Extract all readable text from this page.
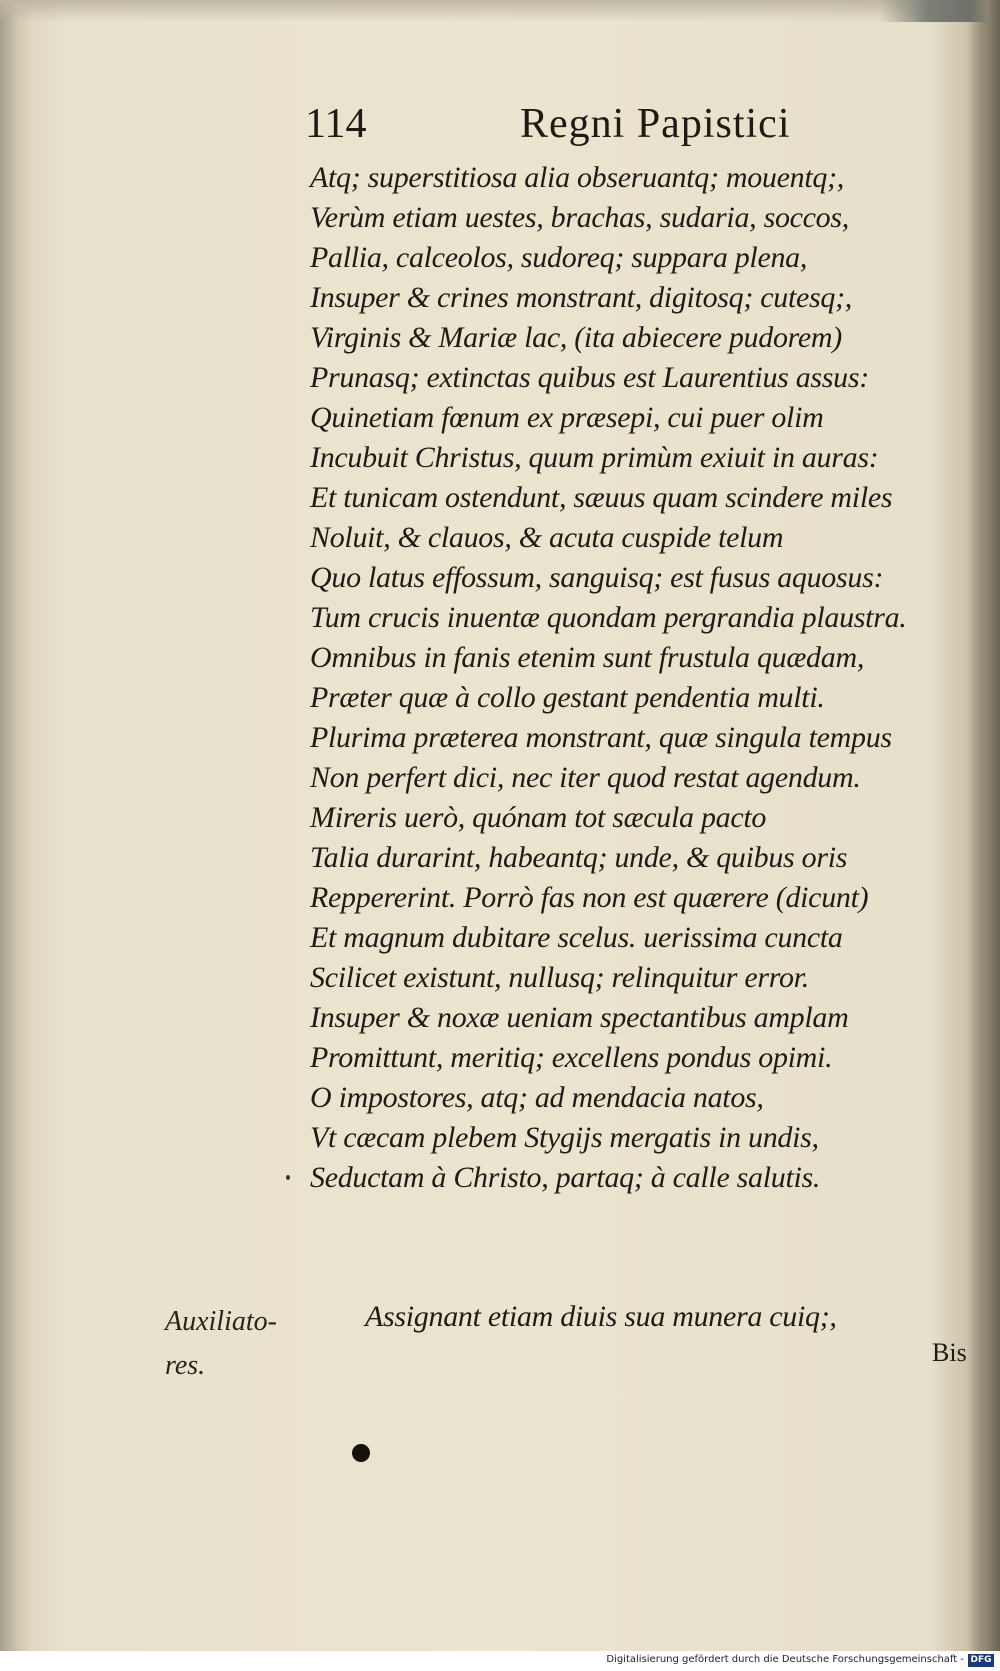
114	Regni Papistici
Atq; superstitiosa alia obseruantq; mouentq;,
Verùm etiam uestes, brachas, sudaria, soccos,
Pallia, calceolos, sudoreq; suppara plena,
Insuper & crines monstrant, digitosq; cutesq;,
Virginis & Mariæ lac, (ita abiecere pudorem)
Prunasq; extinctas quibus est Laurentius assus:
Quinetiam fœnum ex præsepi, cui puer olim
Incubuit Christus, quum primùm exiuit in auras:
Et tunicam ostendunt, sæuus quam scindere miles
Noluit, & clauos, & acuta cuspide telum
Quo latus effossum, sanguisq; est fusus aquosus:
Tum crucis inuentæ quondam pergrandia plaustra.
Omnibus in fanis etenim sunt frustula quædam,
Præter quæ à collo gestant pendentia multi.
Plurima præterea monstrant, quæ singula tempus
Non perfert dici, nec iter quod restat agendum.
Mireris uerò, quónam tot sæcula pacto
Talia durarint, habeantq; unde, & quibus oris
Reppererint. Porrò fas non est quærere (dicunt)
Et magnum dubitare scelus. uerissima cuncta
Scilicet existunt, nullusq; relinquitur error.
Insuper & noxæ ueniam spectantibus amplam
Promittunt, meritiq; excellens pondus opimi.
O impostores, atq; ad mendacia natos,
Vt cæcam plebem Stygijs mergatis in undis,
Seductam à Christo, partaq; à calle salutis.
Assignant etiam diuis sua munera cuiq;,
Auxiliato-
res.	Bis
Digitalisierung gefördert durch die Deutsche Forschungsgemeinschaft - DFG
